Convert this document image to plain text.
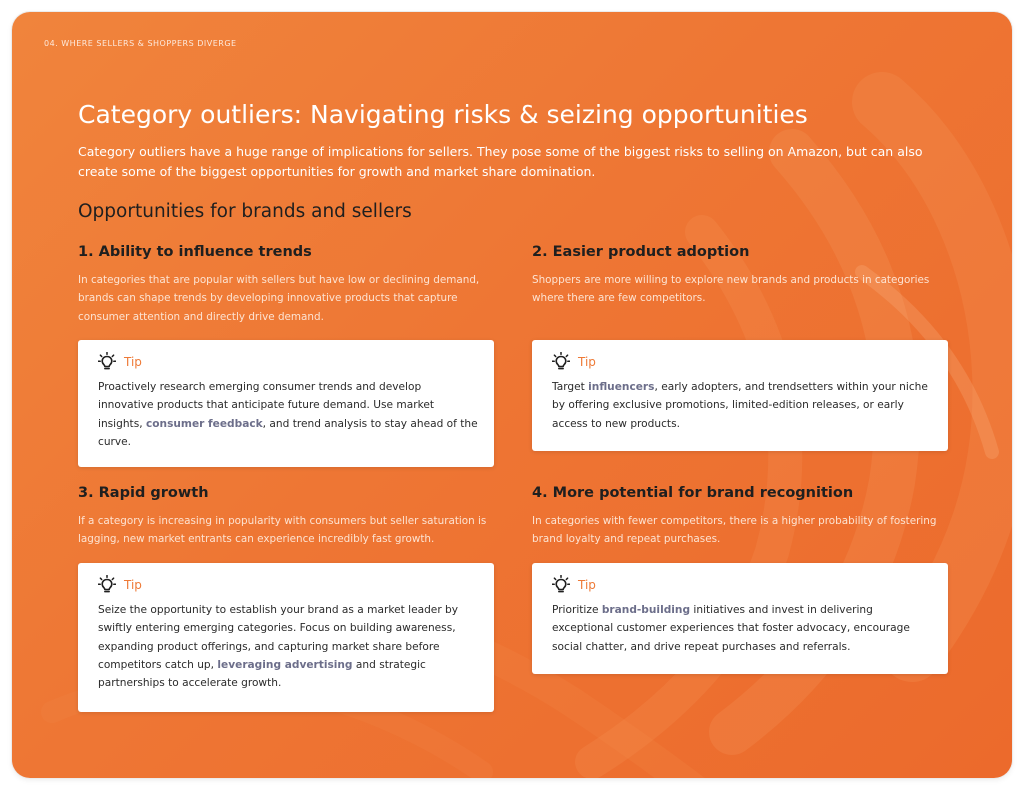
04. WHERE SELLERS & SHOPPERS DIVERGE
Category outliers: Navigating risks & seizing opportunities

Category outliers have a huge range of implications for sellers. They pose some of the biggest risks to selling on Amazon, but can also create some of the biggest opportunities for growth and market share domination.

Opportunities for brands and sellers
1. Ability to influence trends

In categories that are popular with sellers but have low or declining demand, brands can shape trends by developing innovative products that capture consumer attention and directly drive demand.

Tip

Proactively research emerging consumer trends and develop innovative products that anticipate future demand. Use market insights, consumer feedback, and trend analysis to stay ahead of the curve.

2. Easier product adoption

Shoppers are more willing to explore new brands and products in categories where there are few competitors.

Tip

Target influencers, early adopters, and trendsetters within your niche by offering exclusive promotions, limited-edition releases, or early access to new products.

3. Rapid growth

If a category is increasing in popularity with consumers but seller saturation is lagging, new market entrants can experience incredibly fast growth.

Tip

Seize the opportunity to establish your brand as a market leader by swiftly entering emerging categories. Focus on building awareness, expanding product offerings, and capturing market share before competitors catch up, leveraging advertising and strategic partnerships to accelerate growth.

4. More potential for brand recognition

In categories with fewer competitors, there is a higher probability of fostering brand loyalty and repeat purchases.

Tip

Prioritize brand-building initiatives and invest in delivering exceptional customer experiences that foster advocacy, encourage social chatter, and drive repeat purchases and referrals.
